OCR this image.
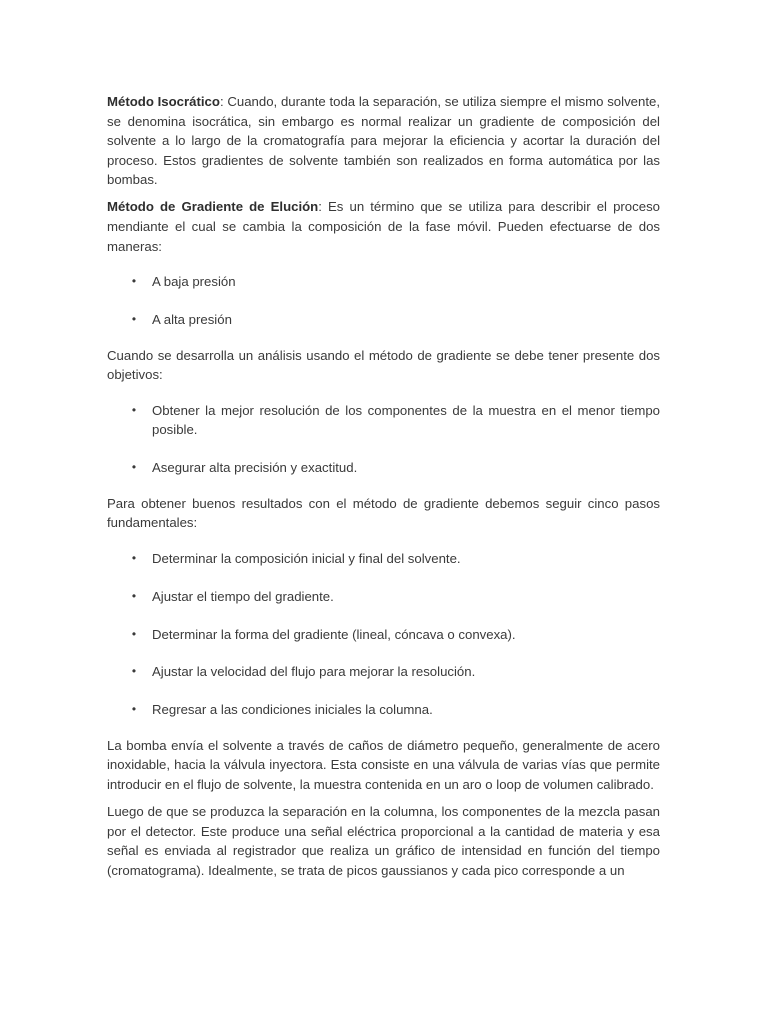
Método Isocrático: Cuando, durante toda la separación, se utiliza siempre el mismo solvente, se denomina isocrática, sin embargo es normal realizar un gradiente de composición del solvente a lo largo de la cromatografía para mejorar la eficiencia y acortar la duración del proceso. Estos gradientes de solvente también son realizados en forma automática por las bombas.

Método de Gradiente de Elución: Es un término que se utiliza para describir el proceso mendiante el cual se cambia la composición de la fase móvil. Pueden efectuarse de dos maneras:

• A baja presión
• A alta presión

Cuando se desarrolla un análisis usando el método de gradiente se debe tener presente dos objetivos:

• Obtener la mejor resolución de los componentes de la muestra en el menor tiempo posible.
• Asegurar alta precisión y exactitud.

Para obtener buenos resultados con el método de gradiente debemos seguir cinco pasos fundamentales:

• Determinar la composición inicial y final del solvente.
• Ajustar el tiempo del gradiente.
• Determinar la forma del gradiente (lineal, cóncava o convexa).
• Ajustar la velocidad del flujo para mejorar la resolución.
• Regresar a las condiciones iniciales la columna.

La bomba envía el solvente a través de caños de diámetro pequeño, generalmente de acero inoxidable, hacia la válvula inyectora. Esta consiste en una válvula de varias vías que permite introducir en el flujo de solvente, la muestra contenida en un aro o loop de volumen calibrado.

Luego de que se produzca la separación en la columna, los componentes de la mezcla pasan por el detector. Este produce una señal eléctrica proporcional a la cantidad de materia y esa señal es enviada al registrador que realiza un gráfico de intensidad en función del tiempo (cromatograma). Idealmente, se trata de picos gaussianos y cada pico corresponde a un
